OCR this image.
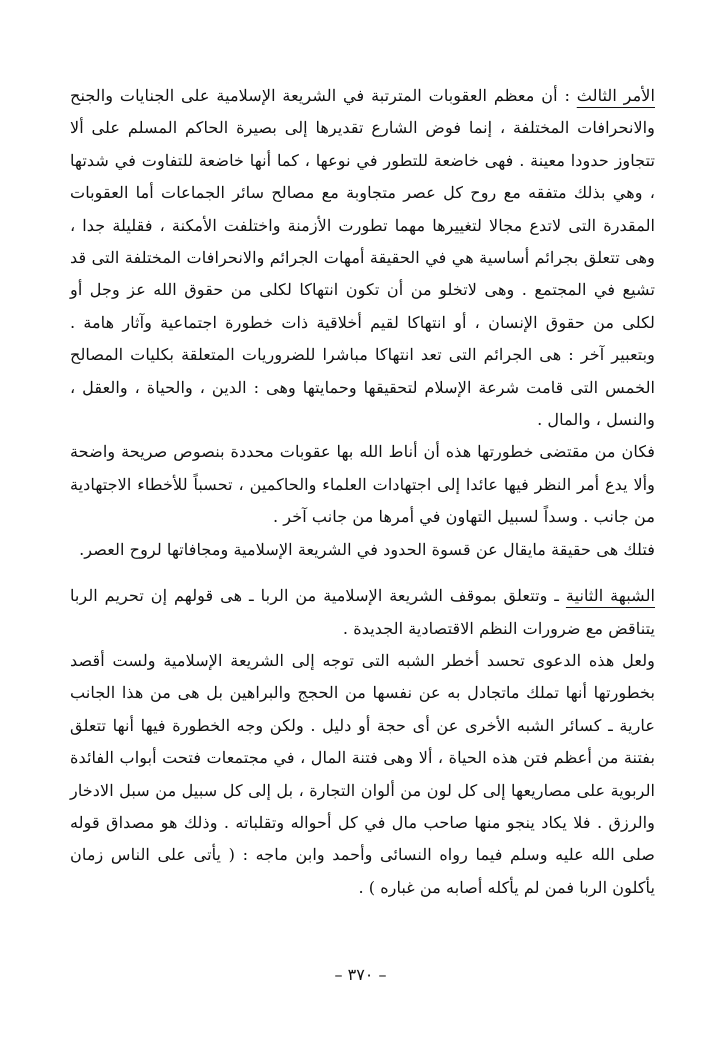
الأمر الثالث : أن معظم العقوبات المترتبة في الشريعة الإسلامية على الجنايات والجنح والانحرافات المختلفة ، إنما فوض الشارع تقديرها إلى بصيرة الحاكم المسلم على ألا تتجاوز حدودا معينة . فهى خاضعة للتطور في نوعها ، كما أنها خاضعة للتفاوت في شدتها ، وهي بذلك متفقه مع روح كل عصر متجاوبة مع مصالح سائر الجماعات أما العقوبات المقدرة التى لاتدع مجالا لتغييرها مهما تطورت الأزمنة واختلفت الأمكنة ، فقليلة جدا ، وهى تتعلق بجرائم أساسية هي في الحقيقة أمهات الجرائم والانحرافات المختلفة التى قد تشيع في المجتمع . وهى لاتخلو من أن تكون انتهاكا لكلى من حقوق الله عز وجل أو لكلى من حقوق الإنسان ، أو انتهاكا لقيم أخلاقية ذات خطورة اجتماعية وآثار هامة . وبتعبير آخر : هى الجرائم التى تعد انتهاكا مباشرا للضروريات المتعلقة بكليات المصالح الخمس التى قامت شرعة الإسلام لتحقيقها وحمايتها وهى : الدين ، والحياة ، والعقل ، والنسل ، والمال .

فكان من مقتضى خطورتها هذه أن أناط الله بها عقوبات محددة بنصوص صريحة واضحة وألا يدع أمر النظر فيها عائدا إلى اجتهادات العلماء والحاكمين ، تحسباً للأخطاء الاجتهادية من جانب . وسداً لسبيل التهاون في أمرها من جانب آخر .

فتلك هى حقيقة مايقال عن قسوة الحدود في الشريعة الإسلامية ومجافاتها لروح العصر.

الشبهة الثانية ـ وتتعلق بموقف الشريعة الإسلامية من الربا ـ هى قولهم إن تحريم الربا يتناقض مع ضرورات النظم الاقتصادية الجديدة .

ولعل هذه الدعوى تحسد أخطر الشبه التى توجه إلى الشريعة الإسلامية ولست أقصد بخطورتها أنها تملك ماتجادل به عن نفسها من الحجج والبراهين بل هى من هذا الجانب عارية ـ كسائر الشبه الأخرى عن أى حجة أو دليل . ولكن وجه الخطورة فيها أنها تتعلق بفتنة من أعظم فتن هذه الحياة ، ألا وهى فتنة المال ، في مجتمعات فتحت أبواب الفائدة الربوية على مصاريعها إلى كل لون من ألوان التجارة ، بل إلى كل سبيل من سبل الادخار والرزق . فلا يكاد ينجو منها صاحب مال في كل أحواله وتقلباته . وذلك هو مصداق قوله صلى الله عليه وسلم فيما رواه النسائى وأحمد وابن ماجه : ( يأتى على الناس زمان يأكلون الربا فمن لم يأكله أصابه من غباره ) .

– ٣٧٠ –
